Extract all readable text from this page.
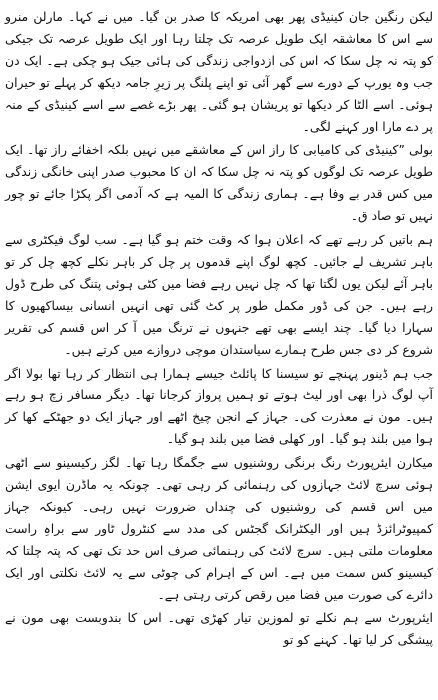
لیکن رنگین جان کینیڈی پھر بھی امریکہ کا صدر بن گیا۔ میں نے کہا۔ مارلن منرو سے اس کا معاشقہ ایک طویل عرصہ تک چلتا رہا اور ایک طویل عرصہ تک جیکی کو پتہ نہ چل سکا کہ اس کی ازدواجی زندگی کی ہائی جیک ہو چکی ہے۔ ایک دن جب وہ یورپ کے دورے سے گھر آئی تو اپنے پلنگ پر زیرِ جامہ دیکھ کر پہلے تو حیران ہوئی۔ اسے الٹا کر دیکھا تو پریشان ہو گئی۔ پھر بڑے غصے سے اسے کینیڈی کے منہ پر دے مارا اور کہنے لگی۔

بولی ”کینیڈی کی کامیابی کا راز اس کے معاشقے میں نہیں بلکہ اخفائے راز تھا۔ ایک طویل عرصہ تک لوگوں کو پتہ نہ چل سکا کہ ان کا محبوب صدر اپنی خانگی زندگی میں کس قدر بے وفا ہے۔ ہماری زندگی کا المیہ ہے کہ آدمی اگر پکڑا جائے تو چور نہیں تو صاد ق۔

ہم باتیں کر رہے تھے کہ اعلان ہوا کہ وقت ختم ہو گیا ہے۔ سب لوگ فیکٹری سے باہر تشریف لے جائیں۔ کچھ لوگ اپنے قدموں پر چل کر باہر نکلے کچھ چل کر تو باہر آئے لیکن یوں لگتا تھا کہ چل نہیں رہے فضا میں کٹی ہوئی پتنگ کی طرح ڈول رہے ہیں۔ جن کی ڈور مکمل طور پر کٹ گئی تھی انہیں انسانی بیساکھیوں کا سہارا دیا گیا۔ چند ایسے بھی تھے جنہوں نے ترنگ میں آ کر اس قسم کی تقریر شروع کر دی جس طرح ہمارے سیاستدان موچی دروازے میں کرتے ہیں۔

جب ہم ڈینور پہنچے تو سیسنا کا پائلٹ جیسے ہمارا ہی انتظار کر رہا تھا بولا اگر آپ لوگ ذرا بھی اور لیٹ ہوتے تو ہمیں پرواز کرجانا تھا۔ دیگر مسافر زچ ہو رہے ہیں۔ مون نے معذرت کی۔ جہاز کے انجن چیخ اٹھے اور جہاز ایک دو جھٹکے کھا کر ہوا میں بلند ہو گیا۔ اور کھلی فضا میں بلند ہو گیا۔

میکارن ایئرپورٹ رنگ برنگی روشنیوں سے جگمگا رہا تھا۔ لگز رکیسینو سے اٹھی ہوئی سرچ لائٹ جہازوں کی رہنمائی کر رہی تھی۔ چونکہ یہ ماڈرن ایوی ایشن میں اس قسم کی روشنیوں کی چنداں ضرورت نہیں رہی۔ کیونکہ جہاز کمپیوٹرائزڈ ہیں اور الیکٹرانک گجٹس کی مدد سے کنٹرول ٹاور سے براہِ راست معلومات ملتی ہیں۔ سرچ لائٹ کی رہنمائی صرف اس حد تک تھی کہ پتہ چلتا کہ کیسینو کس سمت میں ہے۔ اس کے اہرام کی چوٹی سے یہ لائٹ نکلتی اور ایک دائرے کی صورت میں فضا میں رقص کرتی رہتی ہے۔

ایئرپورٹ سے ہم نکلے تو لموزین تیار کھڑی تھی۔ اس کا بندوبست بھی مون نے پیشگی کر لیا تھا۔ کہنے کو تو
